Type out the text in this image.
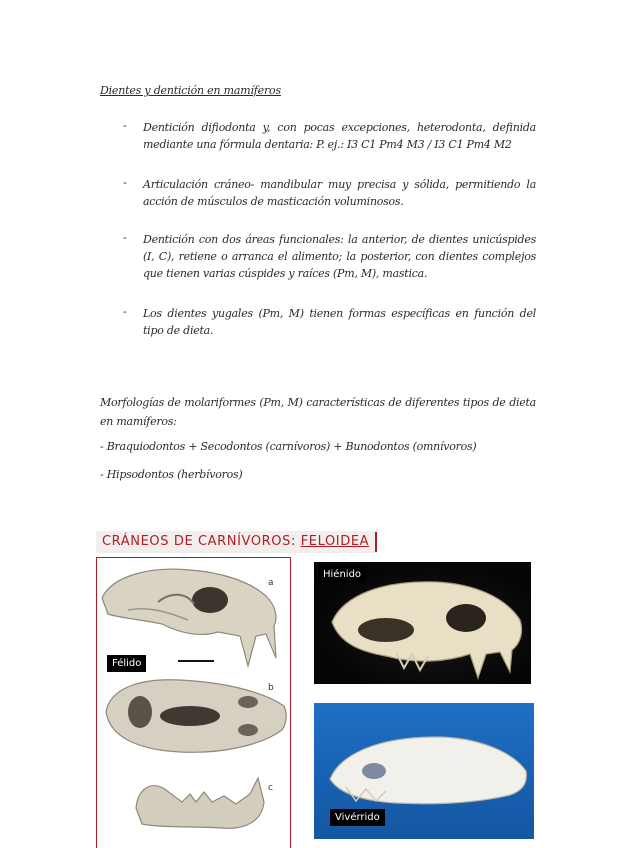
Dientes y dentición en mamíferos
- Dentición difiodonta y, con pocas excepciones, heterodonta, definida mediante una fórmula dentaria: P. ej.: I3 C1 Pm4 M3 / I3 C1 Pm4 M2
- Articulación cráneo- mandibular muy precisa y sólida, permitiendo la acción de músculos de masticación voluminosos.
- Dentición con dos áreas funcionales: la anterior, de dientes unicúspides (I, C), retiene o arranca el alimento; la posterior, con dientes complejos que tienen varias cúspides y raíces (Pm, M), mastica.
- Los dientes yugales (Pm, M) tienen formas específicas en función del tipo de dieta.
Morfologías de molariformes (Pm, M) características de diferentes tipos de dieta en mamíferos:
- Braquiodontos + Secodontos (carnívoros) + Bunodontos (omnívoros)
- Hipsodontos (herbívoros)
CRÁNEOS DE CARNÍVOROS: FELOIDEA
a
Félido
b
c
Hiénido
Vivérrido
